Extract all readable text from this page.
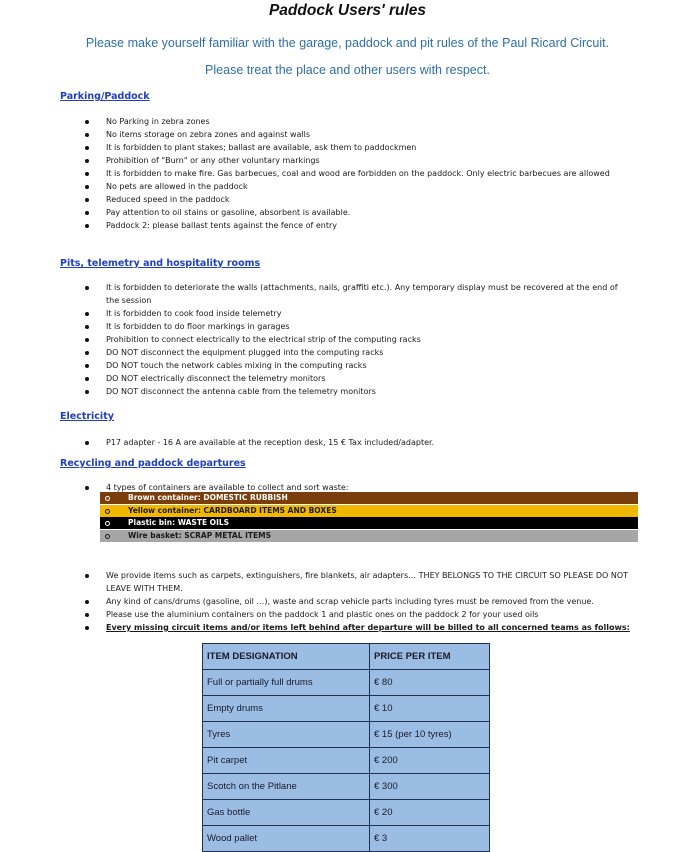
Paddock Users' rules
Please make yourself familiar with the garage, paddock and pit rules of the Paul Ricard Circuit.
Please treat the place and other users with respect.
Parking/Paddock
No Parking in zebra zones
No items storage on zebra zones and against walls
It is forbidden to plant stakes; ballast are available, ask them to paddockmen
Prohibition of "Burn" or any other voluntary markings
It is forbidden to make fire. Gas barbecues, coal and wood are forbidden on the paddock. Only electric barbecues are allowed
No pets are allowed in the paddock
Reduced speed in the paddock
Pay attention to oil stains or gasoline, absorbent is available.
Paddock 2: please ballast tents against the fence of entry
Pits, telemetry and hospitality rooms
It is forbidden to deteriorate the walls (attachments, nails, graffiti etc.). Any temporary display must be recovered at the end of the session
It is forbidden to cook food inside telemetry
It is forbidden to do floor markings in garages
Prohibition to connect electrically to the electrical strip of the computing racks
DO NOT disconnect the equipment plugged into the computing racks
DO NOT touch the network cables mixing in the computing racks
DO NOT electrically disconnect the telemetry monitors
DO NOT disconnect the antenna cable from the telemetry monitors
Electricity
P17 adapter - 16 A are available at the reception desk, 15 € Tax included/adapter.
Recycling and paddock departures
4 types of containers are available to collect and sort waste:
Brown container: DOMESTIC RUBBISH
Yellow container: CARDBOARD ITEMS AND BOXES
Plastic bin: WASTE OILS
Wire basket: SCRAP METAL ITEMS
We provide items such as carpets, extinguishers, fire blankets, air adapters… THEY BELONGS TO THE CIRCUIT SO PLEASE DO NOT LEAVE WITH THEM.
Any kind of cans/drums (gasoline, oil …), waste and scrap vehicle parts including tyres must be removed from the venue.
Please use the aluminium containers on the paddock 1 and plastic ones on the paddock 2 for your used oils
Every missing circuit items and/or items left behind after departure will be billed to all concerned teams as follows:
ITEM DESIGNATION	PRICE PER ITEM
Full or partially full drums	€ 80
Empty drums	€ 10
Tyres	€ 15 (per 10 tyres)
Pit carpet	€ 200
Scotch on the Pitlane	€ 300
Gas bottle	€ 20
Wood pallet	€ 3
